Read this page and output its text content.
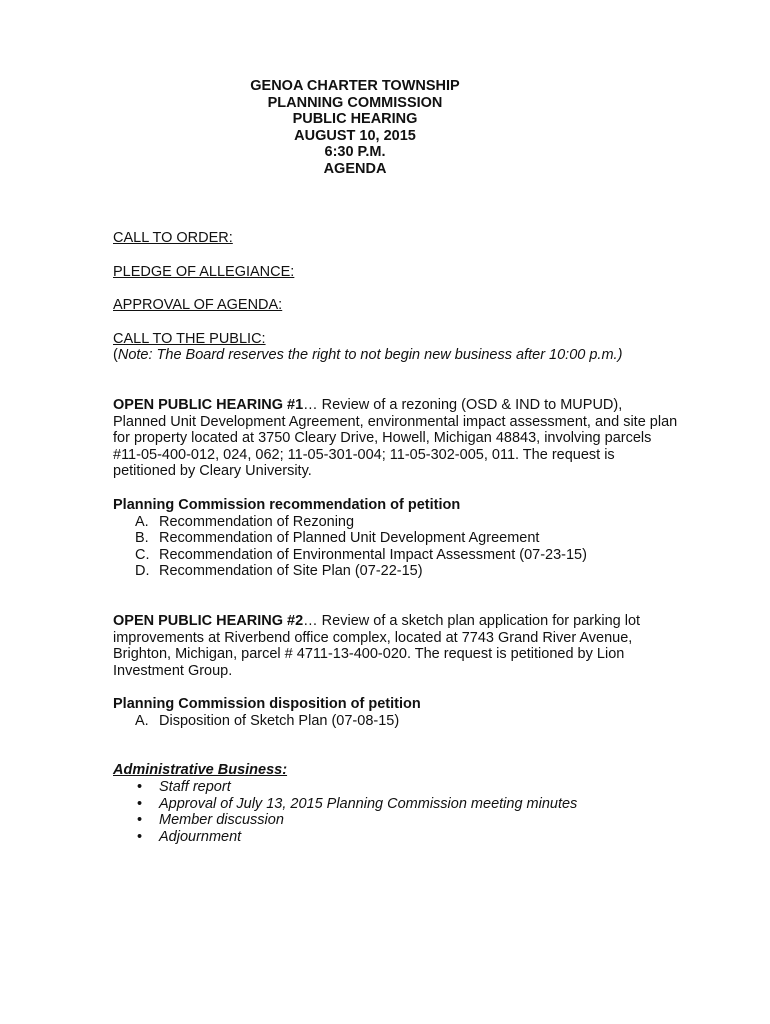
GENOA CHARTER TOWNSHIP
PLANNING COMMISSION
PUBLIC HEARING
AUGUST 10, 2015
6:30 P.M.
AGENDA
CALL TO ORDER:
PLEDGE OF ALLEGIANCE:
APPROVAL OF AGENDA:
CALL TO THE PUBLIC:
(Note: The Board reserves the right to not begin new business after 10:00 p.m.)
OPEN PUBLIC HEARING #1… Review of a rezoning (OSD & IND to MUPUD),
Planned Unit Development Agreement, environmental impact assessment, and site plan
for property located at 3750 Cleary Drive, Howell, Michigan 48843, involving parcels
#11-05-400-012, 024, 062; 11-05-301-004; 11-05-302-005, 011. The request is
petitioned by Cleary University.
Planning Commission recommendation of petition
A. Recommendation of Rezoning
B. Recommendation of Planned Unit Development Agreement
C. Recommendation of Environmental Impact Assessment (07-23-15)
D. Recommendation of Site Plan (07-22-15)
OPEN PUBLIC HEARING #2… Review of a sketch plan application for parking lot
improvements at Riverbend office complex, located at 7743 Grand River Avenue,
Brighton, Michigan, parcel # 4711-13-400-020. The request is petitioned by Lion
Investment Group.
Planning Commission disposition of petition
A. Disposition of Sketch Plan (07-08-15)
Administrative Business:
• Staff report
• Approval of July 13, 2015 Planning Commission meeting minutes
• Member discussion
• Adjournment
